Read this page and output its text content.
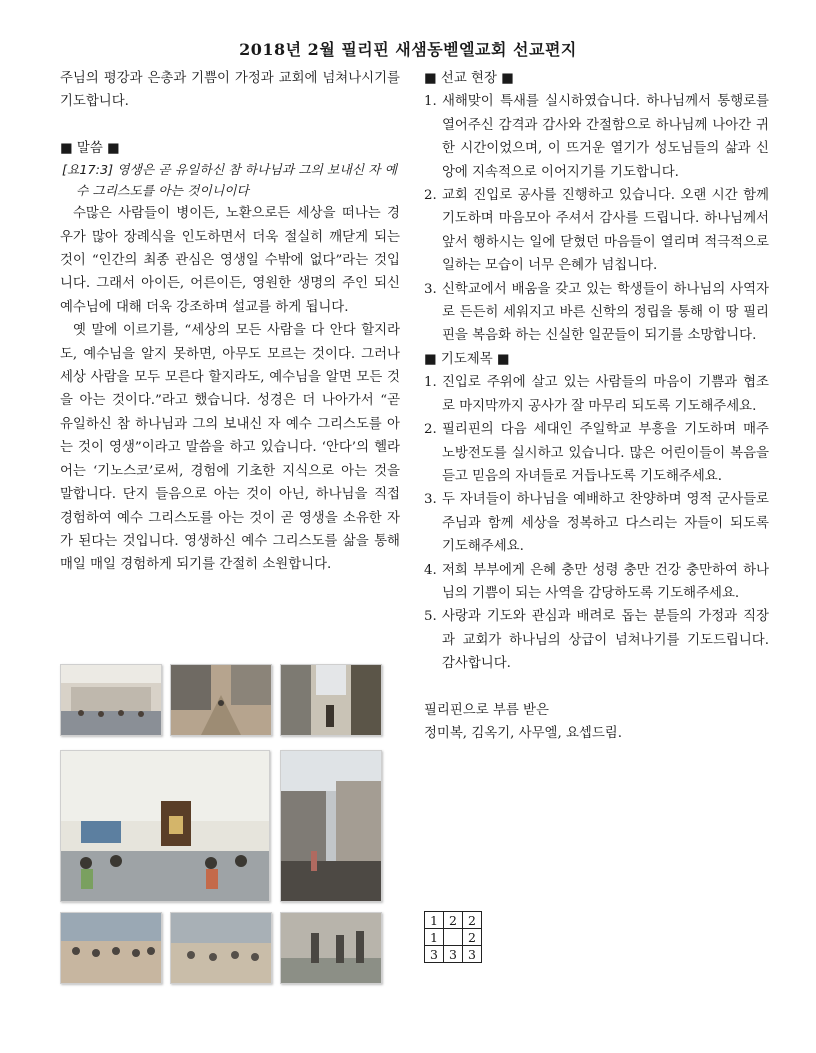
2018년 2월 필리핀 새샘동벧엘교회 선교편지

주님의 평강과 은총과 기쁨이 가정과 교회에 넘쳐나시기를 기도합니다.

■ 말씀 ■

[요17:3] 영생은 곧 유일하신 참 하나님과 그의 보내신 자 예
수 그리스도를 아는 것이니이다

수많은 사람들이 병이든, 노환으로든 세상을 떠나는 경우가 많아 장례식을 인도하면서 더욱 절실히 깨닫게 되는 것이 “인간의 최종 관심은 영생일 수밖에 없다”라는 것입니다. 그래서 아이든, 어른이든, 영원한 생명의 주인 되신 예수님에 대해 더욱 강조하며 설교를 하게 됩니다.

옛 말에 이르기를, “세상의 모든 사람을 다 안다 할지라도, 예수님을 알지 못하면, 아무도 모르는 것이다. 그러나 세상 사람을 모두 모른다 할지라도, 예수님을 알면 모든 것을 아는 것이다.”라고 했습니다. 성경은 더 나아가서 “곧 유일하신 참 하나님과 그의 보내신 자 예수 그리스도를 아는 것이 영생”이라고 말씀을 하고 있습니다. ‘안다’의 헬라어는 ‘기노스코’로써, 경험에 기초한 지식으로 아는 것을 말합니다. 단지 들음으로 아는 것이 아닌, 하나님을 직접 경험하여 예수 그리스도를 아는 것이 곧 영생을 소유한 자가 된다는 것입니다. 영생하신 예수 그리스도를 삶을 통해 매일 매일 경험하게 되기를 간절히 소원합니다.

■ 선교 현장 ■

1. 새해맞이 특새를 실시하였습니다. 하나님께서 통행로를 열어주신 감격과 감사와 간절함으로 하나님께 나아간 귀한 시간이었으며, 이 뜨거운 열기가 성도님들의 삶과 신앙에 지속적으로 이어지기를 기도합니다.
2. 교회 진입로 공사를 진행하고 있습니다. 오랜 시간 함께 기도하며 마음모아 주셔서 감사를 드립니다. 하나님께서 앞서 행하시는 일에 닫혔던 마음들이 열리며 적극적으로 일하는 모습이 너무 은혜가 넘칩니다.
3. 신학교에서 배움을 갖고 있는 학생들이 하나님의 사역자로 든든히 세워지고 바른 신학의 정립을 통해 이 땅 필리핀을 복음화 하는 신실한 일꾼들이 되기를 소망합니다.

■ 기도제목 ■

1. 진입로 주위에 살고 있는 사람들의 마음이 기쁨과 협조로 마지막까지 공사가 잘 마무리 되도록 기도해주세요.
2. 필리핀의 다음 세대인 주일학교 부흥을 기도하며 매주 노방전도를 실시하고 있습니다. 많은 어린이들이 복음을 듣고 믿음의 자녀들로 거듭나도록 기도해주세요.
3. 두 자녀들이 하나님을 예배하고 찬양하며 영적 군사들로 주님과 함께 세상을 정복하고 다스리는 자들이 되도록 기도해주세요.
4. 저희 부부에게 은혜 충만 성령 충만 건강 충만하여 하나님의 기쁨이 되는 사역을 감당하도록 기도해주세요.
5. 사랑과 기도와 관심과 배려로 돕는 분들의 가정과 직장과 교회가 하나님의 상급이 넘쳐나기를 기도드립니다. 감사합니다.

필리핀으로 부름 받은

정미복, 김옥기, 사무엘, 요셉드림.

1	2	2
1		2
3	3	3
